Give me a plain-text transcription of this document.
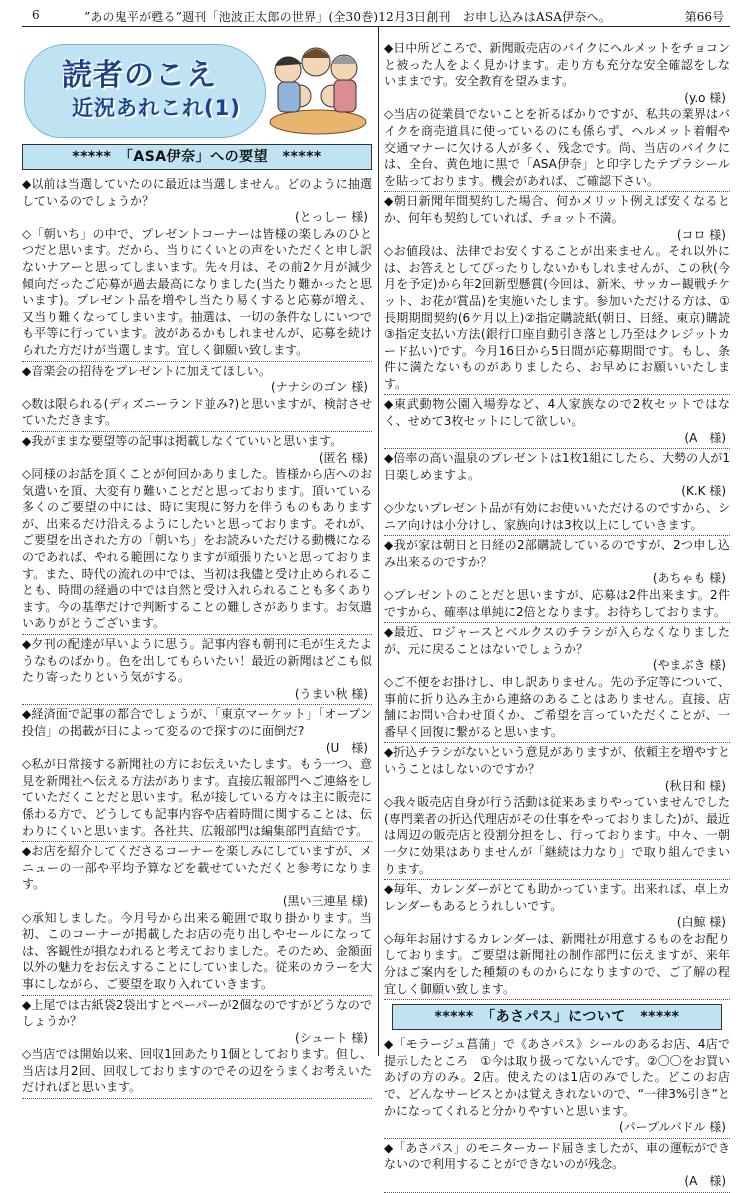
6	”あの鬼平が甦る”週刊「池波正太郎の世界」(全30巻)12月3日創刊　お申し込みはASA伊奈へ。	第66号
読者のこえ
近況あれこれ(1)
*****　「ASA伊奈」への要望　*****
◆以前は当選していたのに最近は当選しません。どのように抽選しているのでしょうか？
(とっしー 様)
◇「朝いち」の中で、プレゼントコーナーは皆様の楽しみのひとつだと思います。だから、当りにくいとの声をいただくと申し訳ないナアーと思ってしまいます。先々月は、その前2ケ月が減少傾向だったご応募が過去最高になりました(当たり難かったと思います)。プレゼント品を増やし当たり易くすると応募が増え、又当り難くなってしまいます。抽選は、一切の条件なしにいつでも平等に行っています。波があるかもしれませんが、応募を続けられた方だけが当選します。宜しく御願い致します。
◆音楽会の招待をプレゼントに加えてほしい。
(ナナシのゴン 様)
◇数は限られる(ディズニーランド並み?)と思いますが、検討させていただきます。
◆我がままな要望等の記事は掲載しなくていいと思います。
(匿名 様)
◇同様のお話を頂くことが何回かありました。皆様から店へのお気遣いを頂、大変有り難いことだと思っております。頂いている多くのご要望の中には、時に実現に努力を伴うものもありますが、出来るだけ沿えるようにしたいと思っております。それが、ご要望を出された方の「朝いち」をお読みいただける動機になるのであれば、やれる範囲になりますが頑張りたいと思っております。また、時代の流れの中では、当初は我儘と受け止められることも、時間の経過の中では自然と受け入れられることも多くあります。今の基準だけで判断することの難しさがあります。お気遣いありがとうございます。
◆夕刊の配達が早いように思う。記事内容も朝刊に毛が生えたようなものばかり。色を出してもらいたい！最近の新聞はどこも似たり寄ったりという気がする。
(うまい秋 様)
◆経済面で記事の都合でしょうが、「東京マーケット」「オープン投信」の掲載が日によって変るので探すのに面倒だ?
(U　様)
◇私が日常接する新聞社の方にお伝えいたします。もう一つ、意見を新聞社へ伝える方法があります。直接広報部門へご連絡をしていただくことだと思います。私が接している方々は主に販売に係わる方で、どうしても記事内容や店着時間に関することは、伝わりにくいと思います。各社共、広報部門は編集部門直結です。
◆お店を紹介してくださるコーナーを楽しみにしていますが、メニューの一部や平均予算などを載せていただくと参考になります。
(黒い三連星 様)
◇承知しました。今月号から出来る範囲で取り掛かります。当初、このコーナーが掲載したお店の売り出しやセールになっては、客観性が損なわれると考えておりました。そのため、金額面以外の魅力をお伝えすることにしていました。従来のカラーを大事にしながら、ご要望を取り入れていきます。
◆上尾では古紙袋2袋出すとペーパーが2個なのですがどうなのでしょうか？
(シュート 様)
◇当店では開始以来、回収1回あたり1個としております。但し、当店は月2回、回収しておりますのでその辺をうまくお考えいただければと思います。
◆日中所どころで、新聞販売店のバイクにヘルメットをチョコンと被った人をよく見かけます。走り方も充分な安全確認をしないままです。安全教育を望みます。
(y.o 様)
◇当店の従業員でないことを祈るばかりですが、私共の業界はバイクを商売道具に使っているのにも係らず、ヘルメット着帽や交通マナーに欠ける人が多く、残念です。尚、当店のバイクには、全台、黄色地に黒で「ASA伊奈」と印字したテプラシールを貼っております。機会があれば、ご確認下さい。
◆朝日新聞年間契約した場合、何かメリット例えば安くなるとか、何年も契約していれば、チョット不満。
(コロ 様)
◇お値段は、法律でお安くすることが出来ません。それ以外には、お答えとしてぴったりしないかもしれませんが、この秋(今月を予定)から年2回新型懸賞(今回は、新米、サッカー観戦チケット、お花が賞品)を実施いたします。参加いただける方は、①長期期間契約(6ケ月以上)②指定購読紙(朝日、日経、東京)購読③指定支払い方法(銀行口座自動引き落とし乃至はクレジットカード払い)です。今月16日から5日間が応募期間です。もし、条件に満たないものがありましたら、お早めにお願いいたします。
◆東武動物公園入場券など、4人家族なので2枚セットではなく、せめて3枚セットにして欲しい。
(A　様)
◆倍率の高い温泉のプレゼントは1枚1組にしたら、大勢の人が1日楽しめますよ。
(K.K 様)
◇少ないプレゼント品が有効にお使いいただけるのですから、シニア向けは小分けし、家族向けは3枚以上にしていきます。
◆我が家は朝日と日経の2部購読しているのですが、2つ申し込み出来るのですか？
(あちゃも 様)
◇プレゼントのことだと思いますが、応募は2件出来ます。2件ですから、確率は単純に2倍となります。お待ちしております。
◆最近、ロジャースとベルクスのチラシが入らなくなりましたが、元に戻ることはないでしょうか？
(やまぶき 様)
◇ご不便をお掛けし、申し訳ありません。先の予定等について、事前に折り込み主から連絡のあることはありません。直接、店舗にお問い合わせ頂くか、ご希望を言っていただくことが、一番早く回復に繋がると思います。
◆折込チラシがないという意見がありますが、依頼主を増やすということはしないのですか？
(秋日和 様)
◇我々販売店自身が行う活動は従来あまりやっていませんでした(専門業者の折込代理店がその仕事をやっておりました)が、最近は周辺の販売店と役割分担をし、行っております。中々、一朝一夕に効果はありませんが「継続は力なり」で取り組んでまいります。
◆毎年、カレンダーがとても助かっています。出来れば、卓上カレンダーもあるとうれしいです。
(白鯨 様)
◇毎年お届けするカレンダーは、新聞社が用意するものをお配りしております。ご要望は新聞社の制作部門に伝えますが、来年分はご案内をした種類のものからになりますので、ご了解の程宜しく御願い致します。
*****　「あさパス」について　*****
◆「モラージュ菖蒲」で《あさパス》シールのあるお店、4店で提示したところ　①今は取り扱ってないんです。②〇〇をお買いあげの方のみ。2店。使えたのは1店のみでした。どこのお店で、どんなサービスとかは覚えきれないので、“一律3%引き”とかになってくれると分かりやすいと思います。
(パープルバドル 様)
◆「あさパス」のモニターカード届きましたが、車の運転ができないので利用することができないのが残念。
(A　様)
